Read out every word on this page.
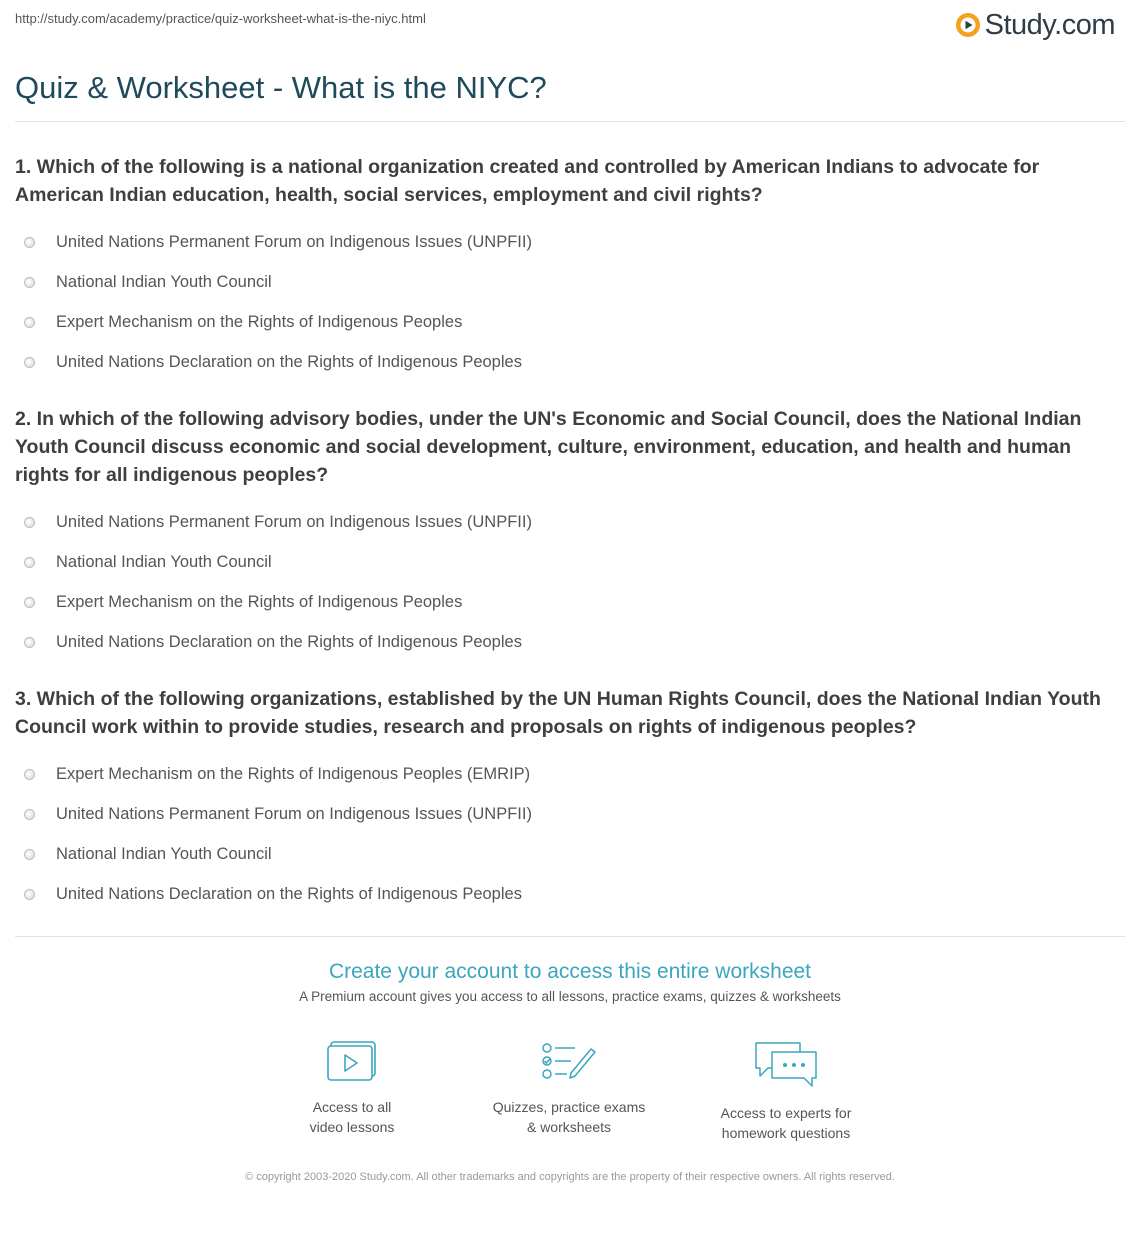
http://study.com/academy/practice/quiz-worksheet-what-is-the-niyc.html	Study.com
Quiz & Worksheet - What is the NIYC?
1. Which of the following is a national organization created and controlled by American Indians to advocate for American Indian education, health, social services, employment and civil rights?
United Nations Permanent Forum on Indigenous Issues (UNPFII)
National Indian Youth Council
Expert Mechanism on the Rights of Indigenous Peoples
United Nations Declaration on the Rights of Indigenous Peoples
2. In which of the following advisory bodies, under the UN's Economic and Social Council, does the National Indian Youth Council discuss economic and social development, culture, environment, education, and health and human rights for all indigenous peoples?
United Nations Permanent Forum on Indigenous Issues (UNPFII)
National Indian Youth Council
Expert Mechanism on the Rights of Indigenous Peoples
United Nations Declaration on the Rights of Indigenous Peoples
3. Which of the following organizations, established by the UN Human Rights Council, does the National Indian Youth Council work within to provide studies, research and proposals on rights of indigenous peoples?
Expert Mechanism on the Rights of Indigenous Peoples (EMRIP)
United Nations Permanent Forum on Indigenous Issues (UNPFII)
National Indian Youth Council
United Nations Declaration on the Rights of Indigenous Peoples
Create your account to access this entire worksheet
A Premium account gives you access to all lessons, practice exams, quizzes & worksheets
Access to all
video lessons
Quizzes, practice exams
& worksheets
Access to experts for
homework questions
© copyright 2003-2020 Study.com. All other trademarks and copyrights are the property of their respective owners. All rights reserved.
